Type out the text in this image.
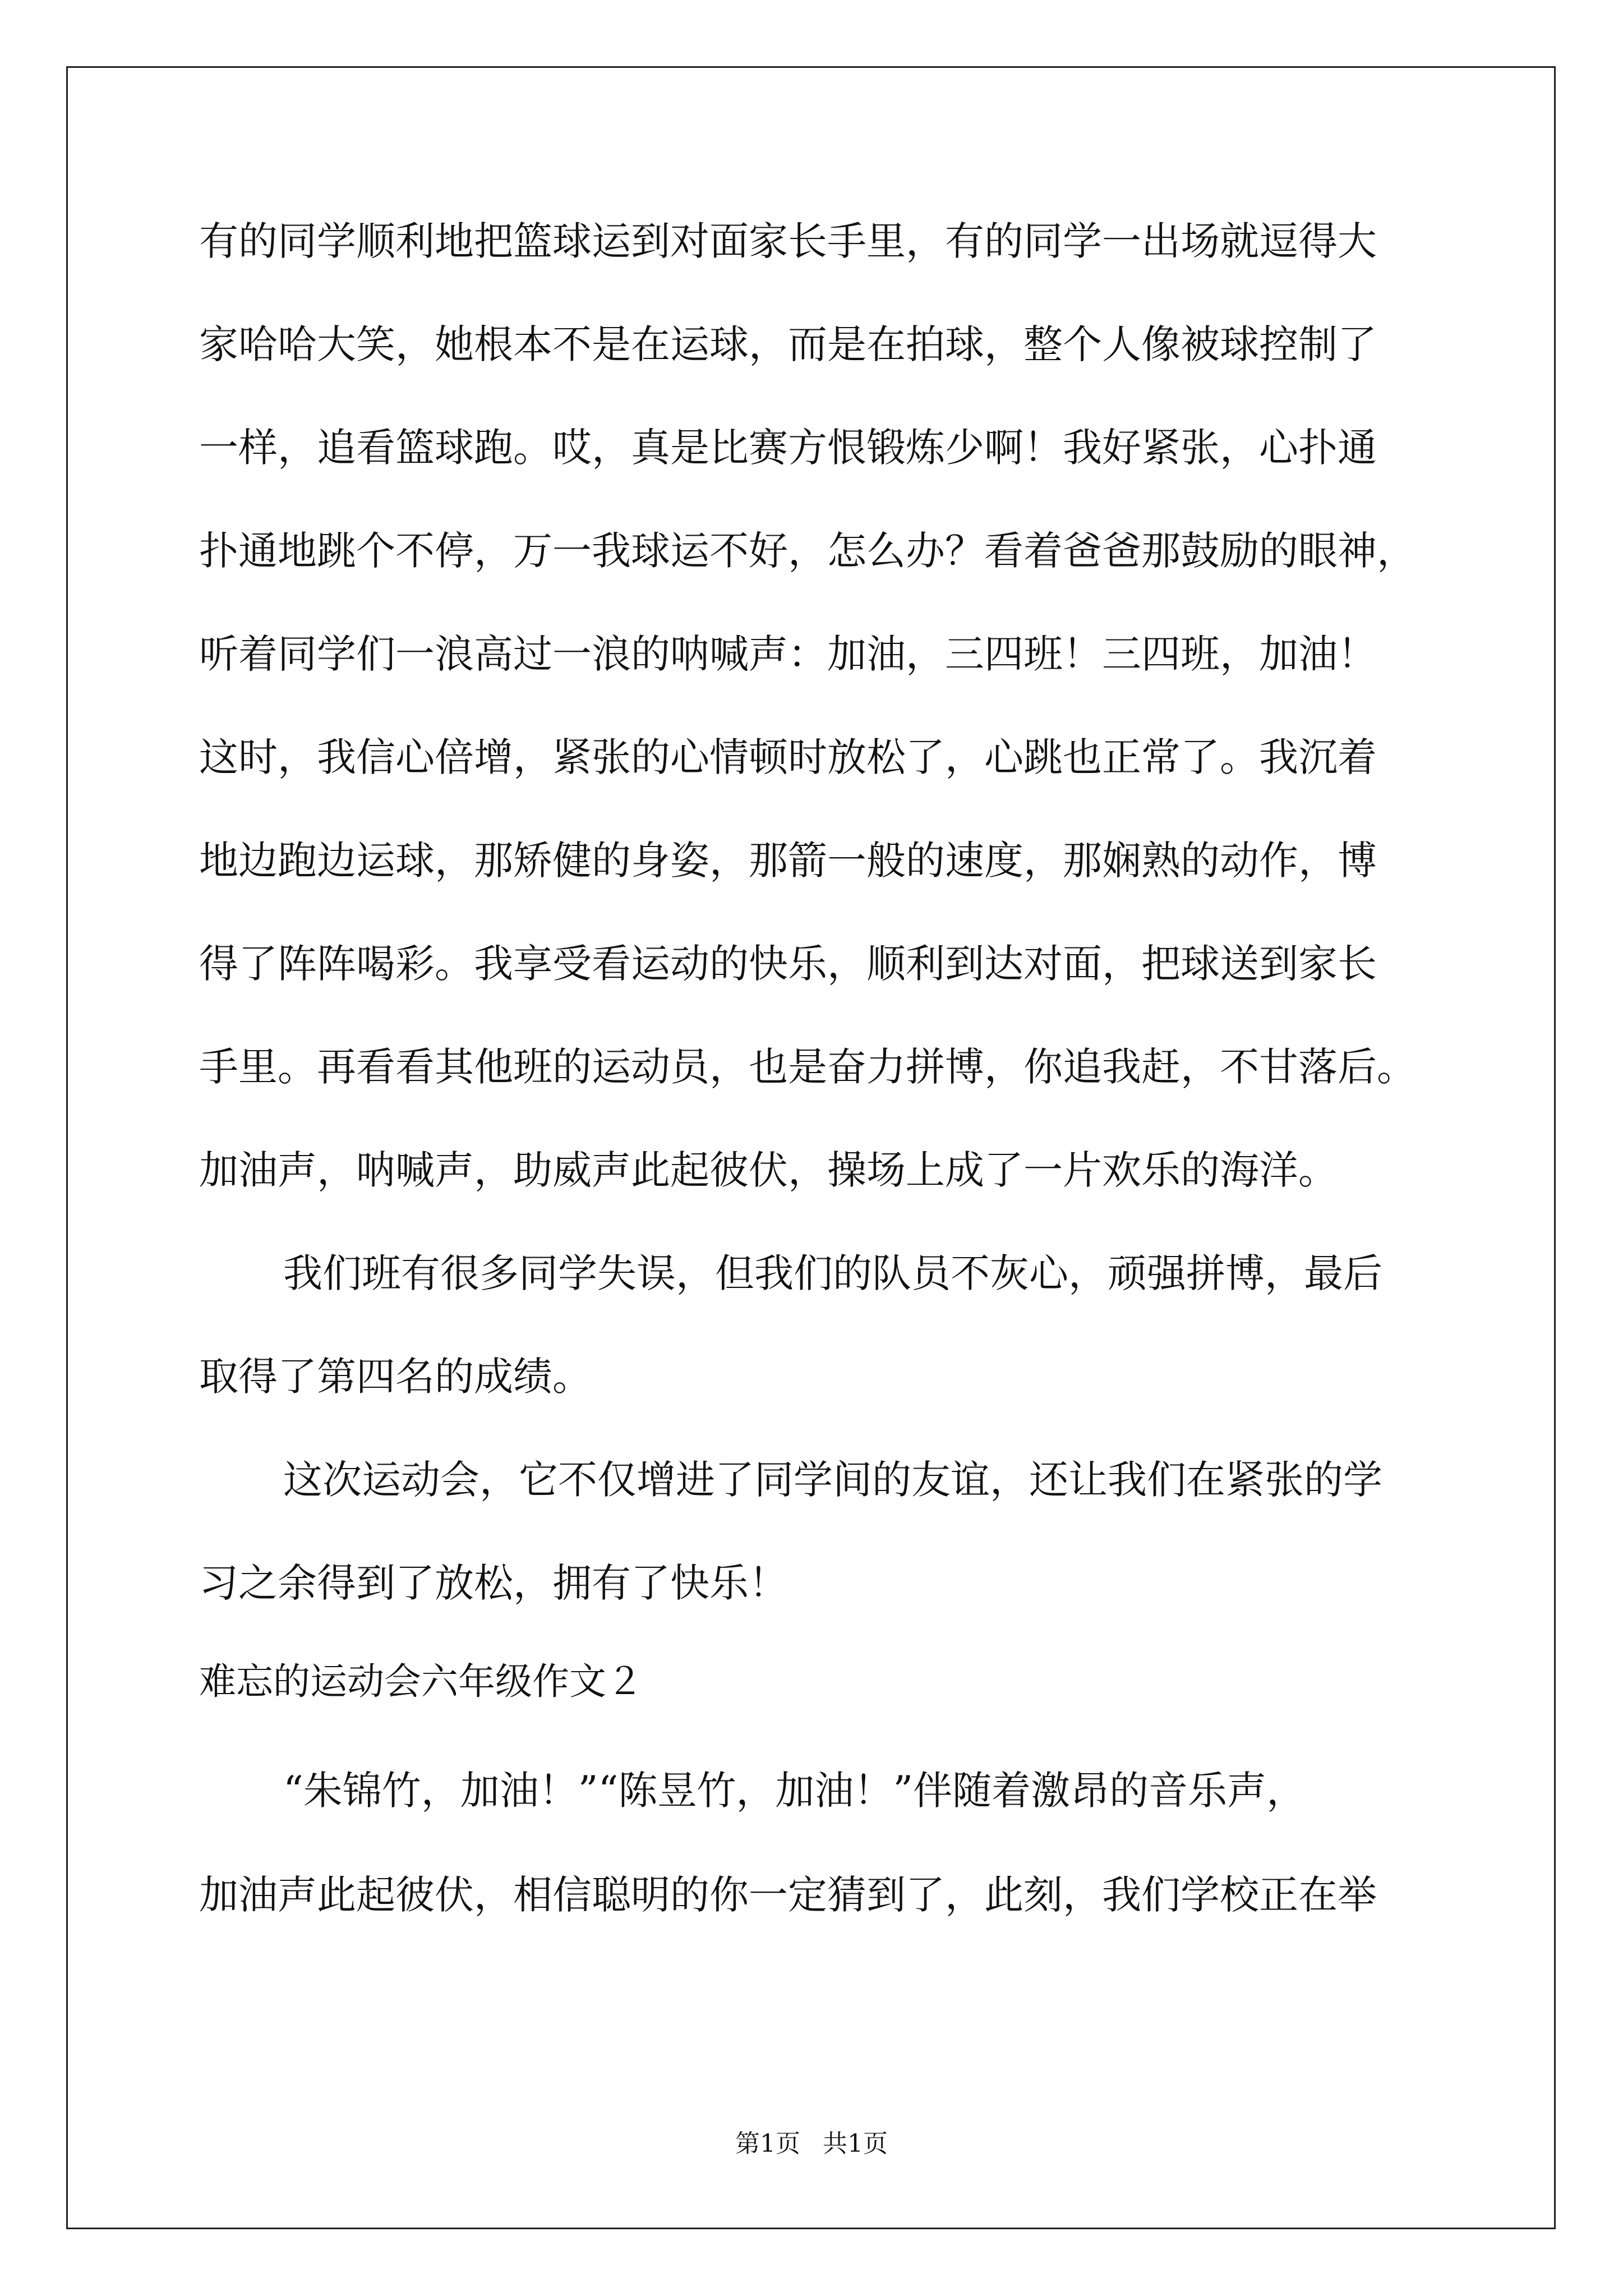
有的同学顺利地把篮球运到对面家长手里，有的同学一出场就逗得大
家哈哈大笑，她根本不是在运球，而是在拍球，整个人像被球控制了
一样，追看篮球跑。哎，真是比赛方恨锻炼少啊！我好紧张，心扑通
扑通地跳个不停，万一我球运不好，怎么办？看着爸爸那鼓励的眼神，
听着同学们一浪高过一浪的呐喊声：加油，三四班！三四班，加油！
这时，我信心倍增，紧张的心情顿时放松了，心跳也正常了。我沉着
地边跑边运球，那矫健的身姿，那箭一般的速度，那娴熟的动作，博
得了阵阵喝彩。我享受看运动的快乐，顺利到达对面，把球送到家长
手里。再看看其他班的运动员，也是奋力拼博，你追我赶，不甘落后。
加油声，呐喊声，助威声此起彼伏，操场上成了一片欢乐的海洋。
我们班有很多同学失误，但我们的队员不灰心，顽强拼博，最后
取得了第四名的成绩。
这次运动会，它不仅增进了同学间的友谊，还让我们在紧张的学
习之余得到了放松，拥有了快乐！
难忘的运动会六年级作文２
“朱锦竹，加油！”“陈昱竹，加油！”伴随着激昂的音乐声，
加油声此起彼伏，相信聪明的你一定猜到了，此刻，我们学校正在举
第1页 共1页
